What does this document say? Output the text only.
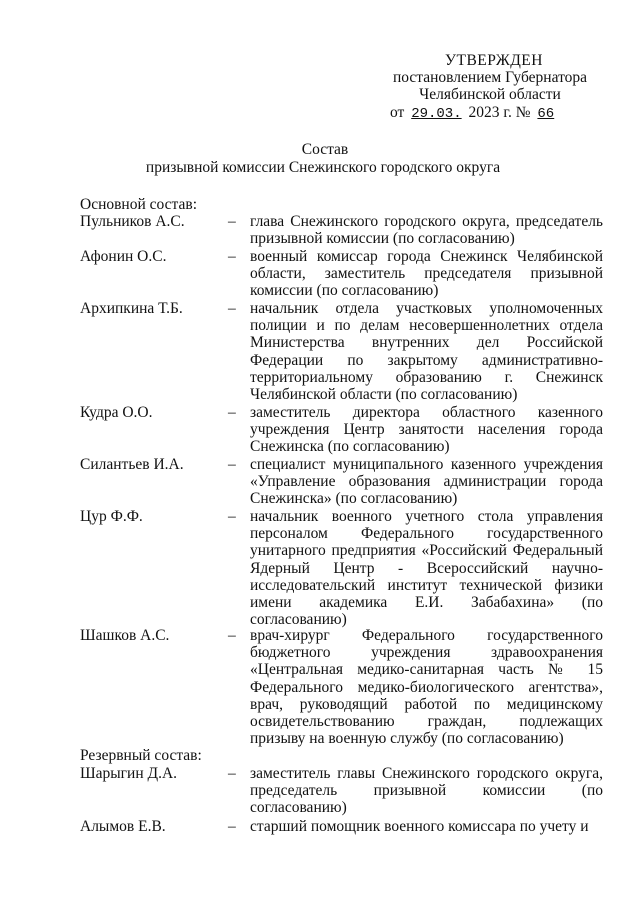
УТВЕРЖДЕН
постановлением Губернатора
Челябинской области
от 29.03. 2023 г. № 66
Состав
призывной комиссии Снежинского городского округа
Основной состав:
Пульников А.С.	– глава Снежинского городского округа, председатель призывной комиссии (по согласованию)
Афонин О.С.	– военный комиссар города Снежинск Челябинской области, заместитель председателя призывной комиссии (по согласованию)
Архипкина Т.Б.	– начальник отдела участковых уполномоченных полиции и по делам несовершеннолетних отдела Министерства внутренних дел Российской Федерации по закрытому административно-территориальному образованию г. Снежинск Челябинской области (по согласованию)
Кудра О.О.	– заместитель директора областного казенного учреждения Центр занятости населения города Снежинска (по согласованию)
Силантьев И.А.	– специалист муниципального казенного учреждения «Управление образования администрации города Снежинска» (по согласованию)
Цур Ф.Ф.	– начальник военного учетного стола управления персоналом Федерального государственного унитарного предприятия «Российский Федеральный Ядерный Центр - Всероссийский научно-исследовательский институт технической физики имени академика Е.И. Забабахина» (по согласованию)
Шашков А.С.	– врач-хирург Федерального государственного бюджетного учреждения здравоохранения «Центральная медико-санитарная часть № 15 Федерального медико-биологического агентства», врач, руководящий работой по медицинскому освидетельствованию граждан, подлежащих призыву на военную службу (по согласованию)
Резервный состав:
Шарыгин Д.А.	– заместитель главы Снежинского городского округа, председатель призывной комиссии (по согласованию)
Алымов Е.В.	– старший помощник военного комиссара по учету и
